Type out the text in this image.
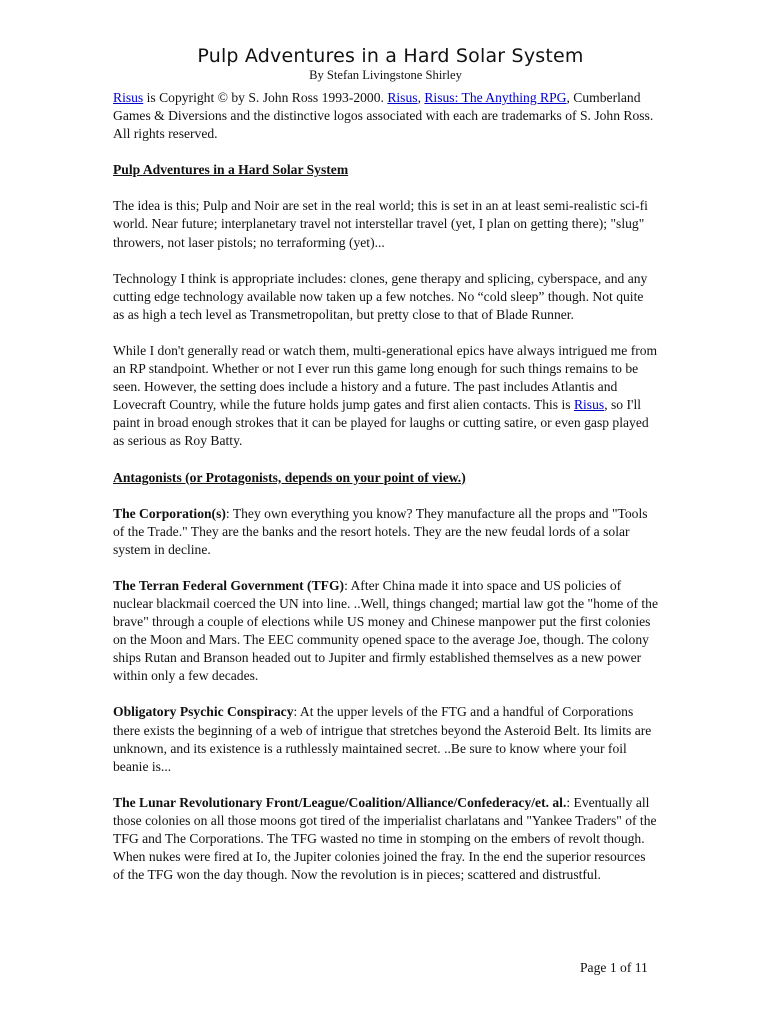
Pulp Adventures in a Hard Solar System
By Stefan Livingstone Shirley

Risus is Copyright © by S. John Ross 1993-2000. Risus, Risus: The Anything RPG, Cumberland Games & Diversions and the distinctive logos associated with each are trademarks of S. John Ross. All rights reserved.

Pulp Adventures in a Hard Solar System

The idea is this; Pulp and Noir are set in the real world; this is set in an at least semi-realistic sci-fi world. Near future; interplanetary travel not interstellar travel (yet, I plan on getting there); "slug" throwers, not laser pistols; no terraforming (yet)...

Technology I think is appropriate includes: clones, gene therapy and splicing, cyberspace, and any cutting edge technology available now taken up a few notches. No “cold sleep” though. Not quite as as high a tech level as Transmetropolitan, but pretty close to that of Blade Runner.

While I don't generally read or watch them, multi-generational epics have always intrigued me from an RP standpoint. Whether or not I ever run this game long enough for such things remains to be seen. However, the setting does include a history and a future. The past includes Atlantis and Lovecraft Country, while the future holds jump gates and first alien contacts. This is Risus, so I'll paint in broad enough strokes that it can be played for laughs or cutting satire, or even gasp played as serious as Roy Batty.

Antagonists (or Protagonists, depends on your point of view.)

The Corporation(s): They own everything you know? They manufacture all the props and "Tools of the Trade." They are the banks and the resort hotels. They are the new feudal lords of a solar system in decline.

The Terran Federal Government (TFG): After China made it into space and US policies of nuclear blackmail coerced the UN into line. ..Well, things changed; martial law got the "home of the brave" through a couple of elections while US money and Chinese manpower put the first colonies on the Moon and Mars. The EEC community opened space to the average Joe, though. The colony ships Rutan and Branson headed out to Jupiter and firmly established themselves as a new power within only a few decades.

Obligatory Psychic Conspiracy: At the upper levels of the FTG and a handful of Corporations there exists the beginning of a web of intrigue that stretches beyond the Asteroid Belt. Its limits are unknown, and its existence is a ruthlessly maintained secret. ..Be sure to know where your foil beanie is...

The Lunar Revolutionary Front/League/Coalition/Alliance/Confederacy/et. al.: Eventually all those colonies on all those moons got tired of the imperialist charlatans and "Yankee Traders" of the TFG and The Corporations. The TFG wasted no time in stomping on the embers of revolt though. When nukes were fired at Io, the Jupiter colonies joined the fray. In the end the superior resources of the TFG won the day though. Now the revolution is in pieces; scattered and distrustful.

Page 1 of 11
